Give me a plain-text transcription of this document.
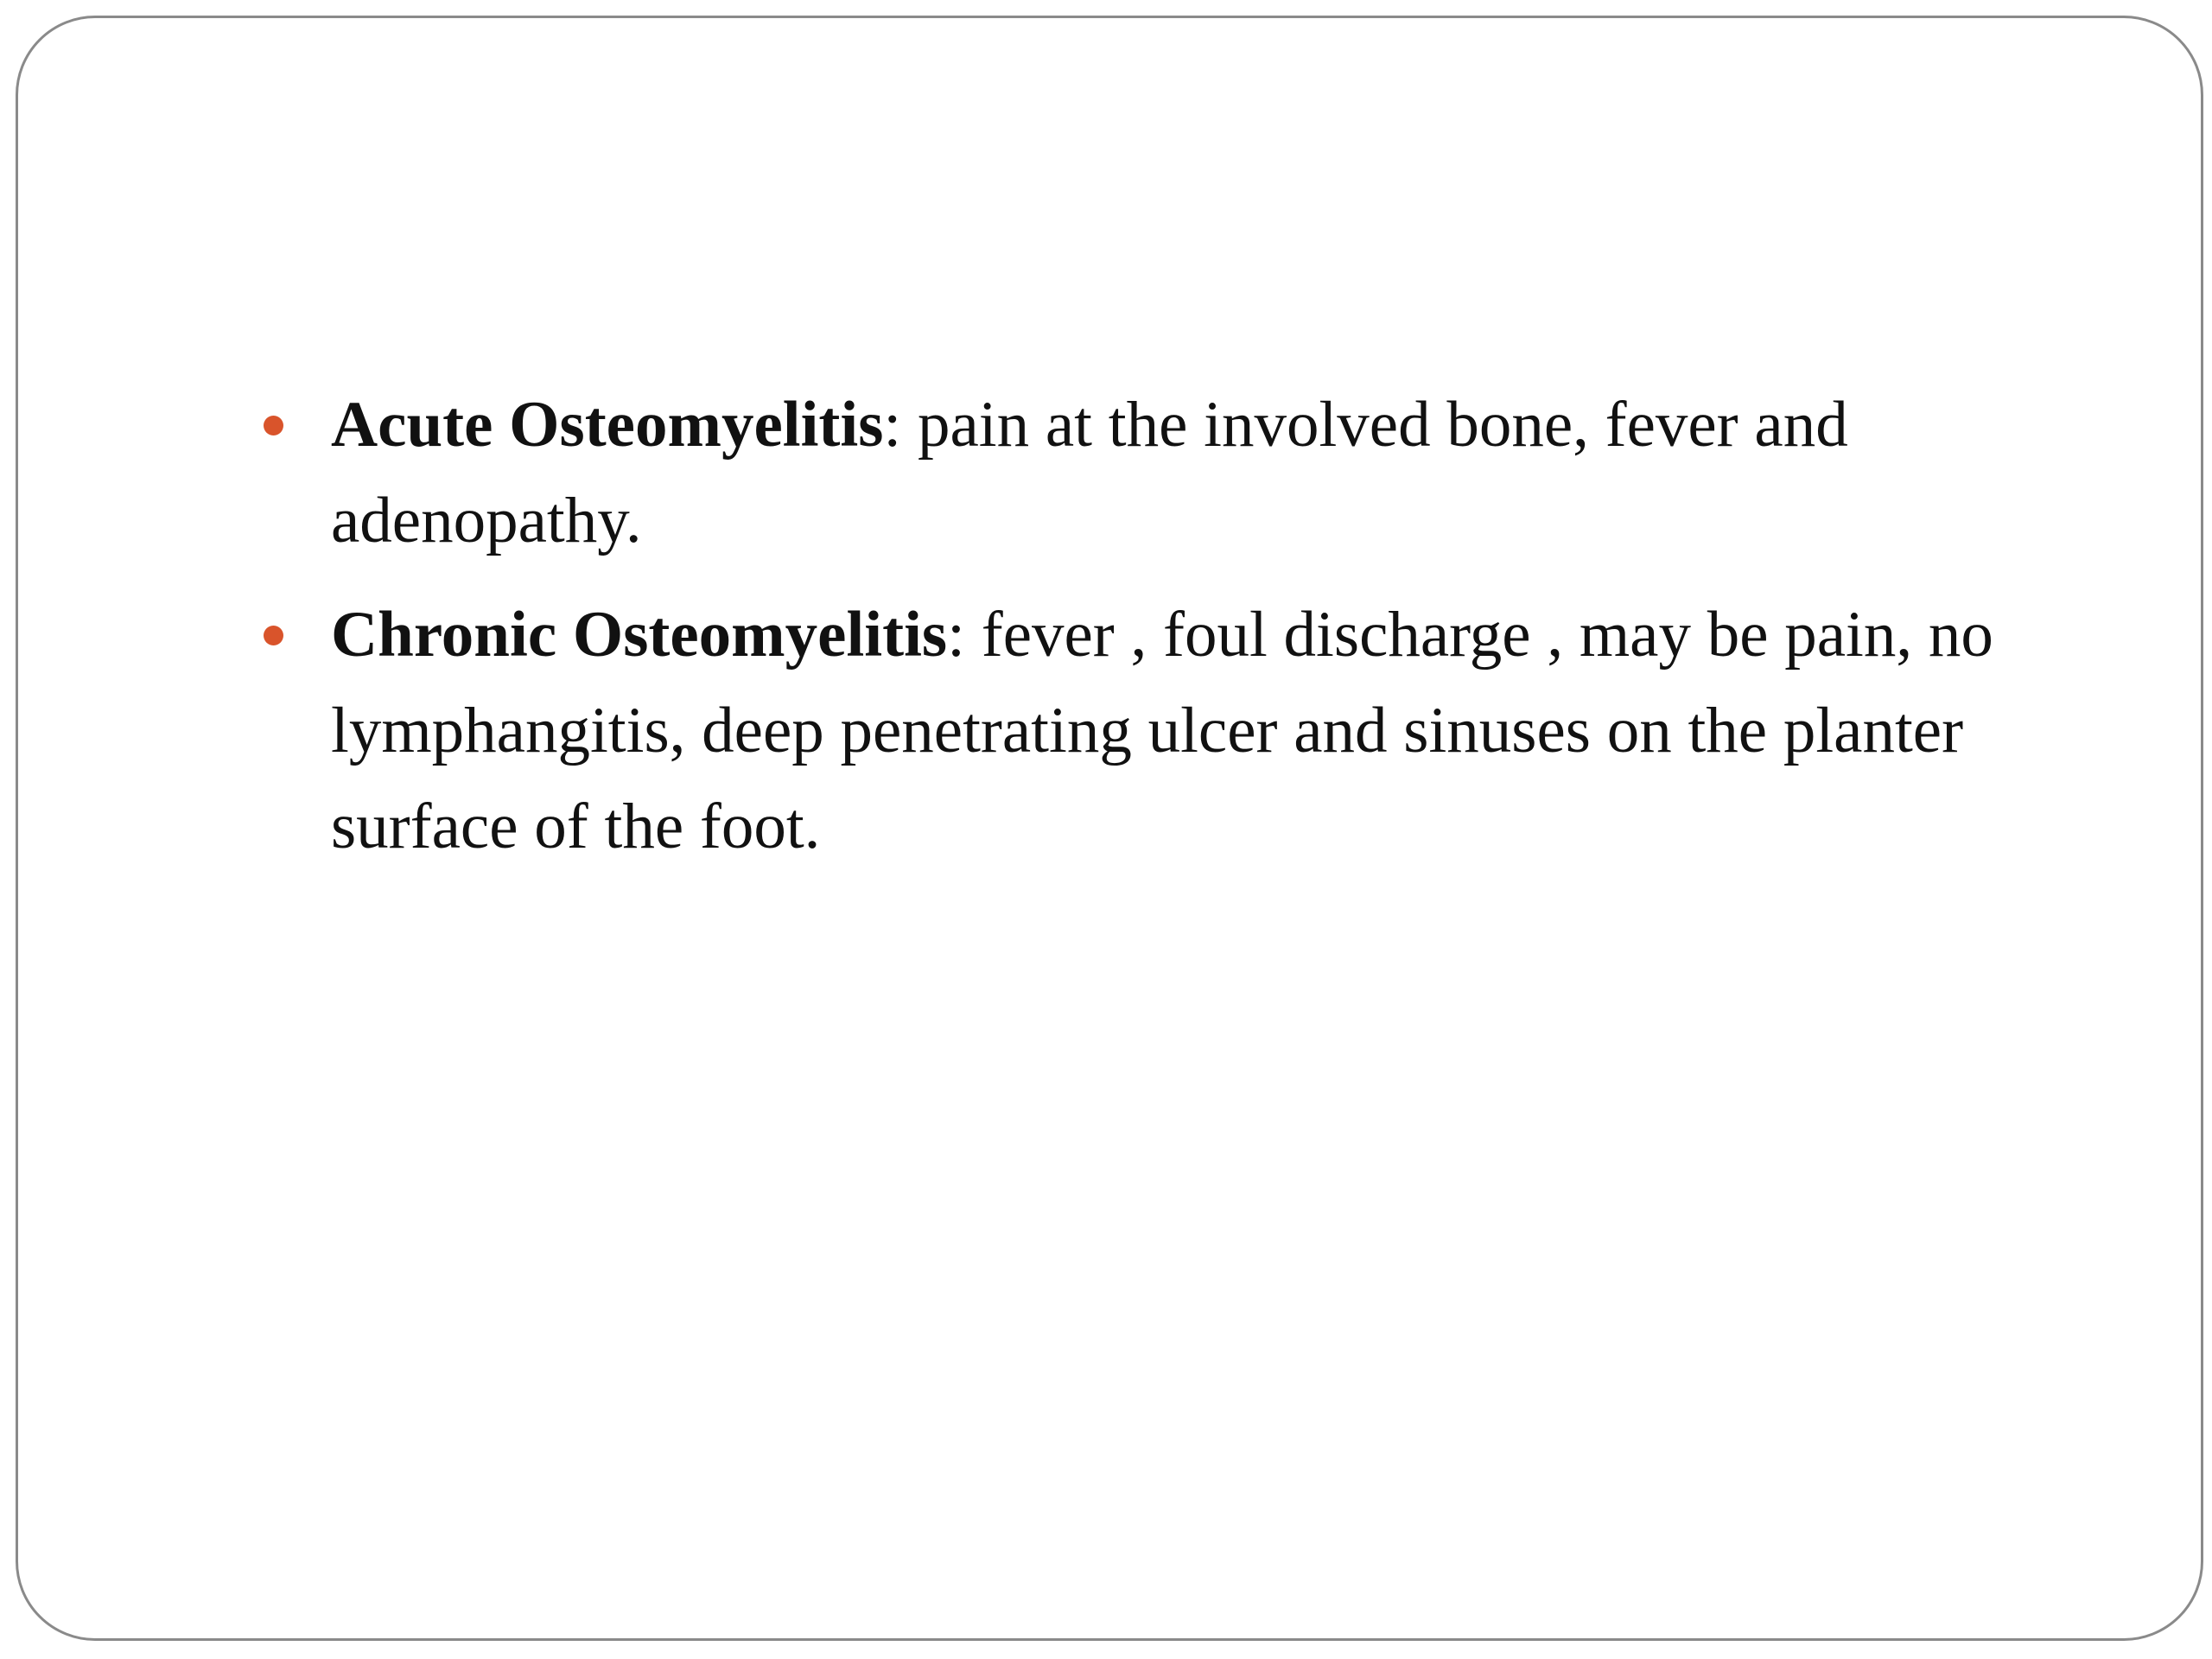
Acute Osteomyelitis: pain at the involved bone, fever and adenopathy.
Chronic Osteomyelitis: fever , foul discharge , may be pain, no lymphangitis, deep penetrating ulcer and sinuses on the planter surface of the foot.
